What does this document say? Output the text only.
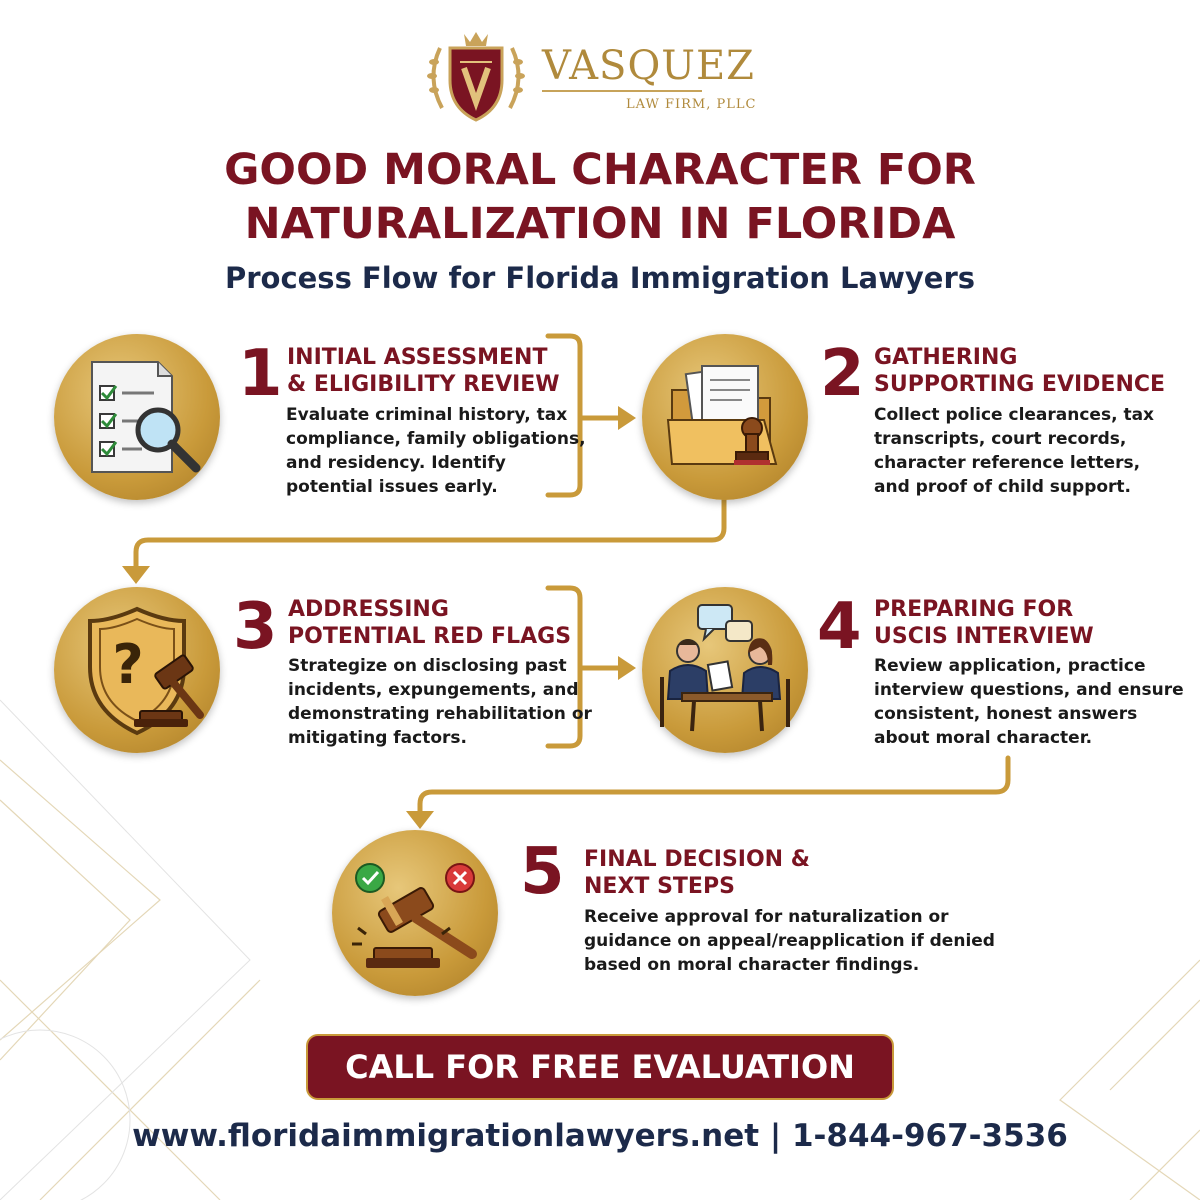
VASQUEZ
LAW FIRM, PLLC
GOOD MORAL CHARACTER FOR
NATURALIZATION IN FLORIDA
Process Flow for Florida Immigration Lawyers
1 INITIAL ASSESSMENT
& ELIGIBILITY REVIEW
Evaluate criminal history, tax
compliance, family obligations,
and residency. Identify
potential issues early.
2 GATHERING
SUPPORTING EVIDENCE
Collect police clearances, tax
transcripts, court records,
character reference letters,
and proof of child support.
?
3 ADDRESSING
POTENTIAL RED FLAGS
Strategize on disclosing past
incidents, expungements, and
demonstrating rehabilitation or
mitigating factors.
4 PREPARING FOR
USCIS INTERVIEW
Review application, practice
interview questions, and ensure
consistent, honest answers
about moral character.
5 FINAL DECISION &
NEXT STEPS
Receive approval for naturalization or
guidance on appeal/reapplication if denied
based on moral character findings.
CALL FOR FREE EVALUATION
www.floridaimmigrationlawyers.net | 1-844-967-3536
